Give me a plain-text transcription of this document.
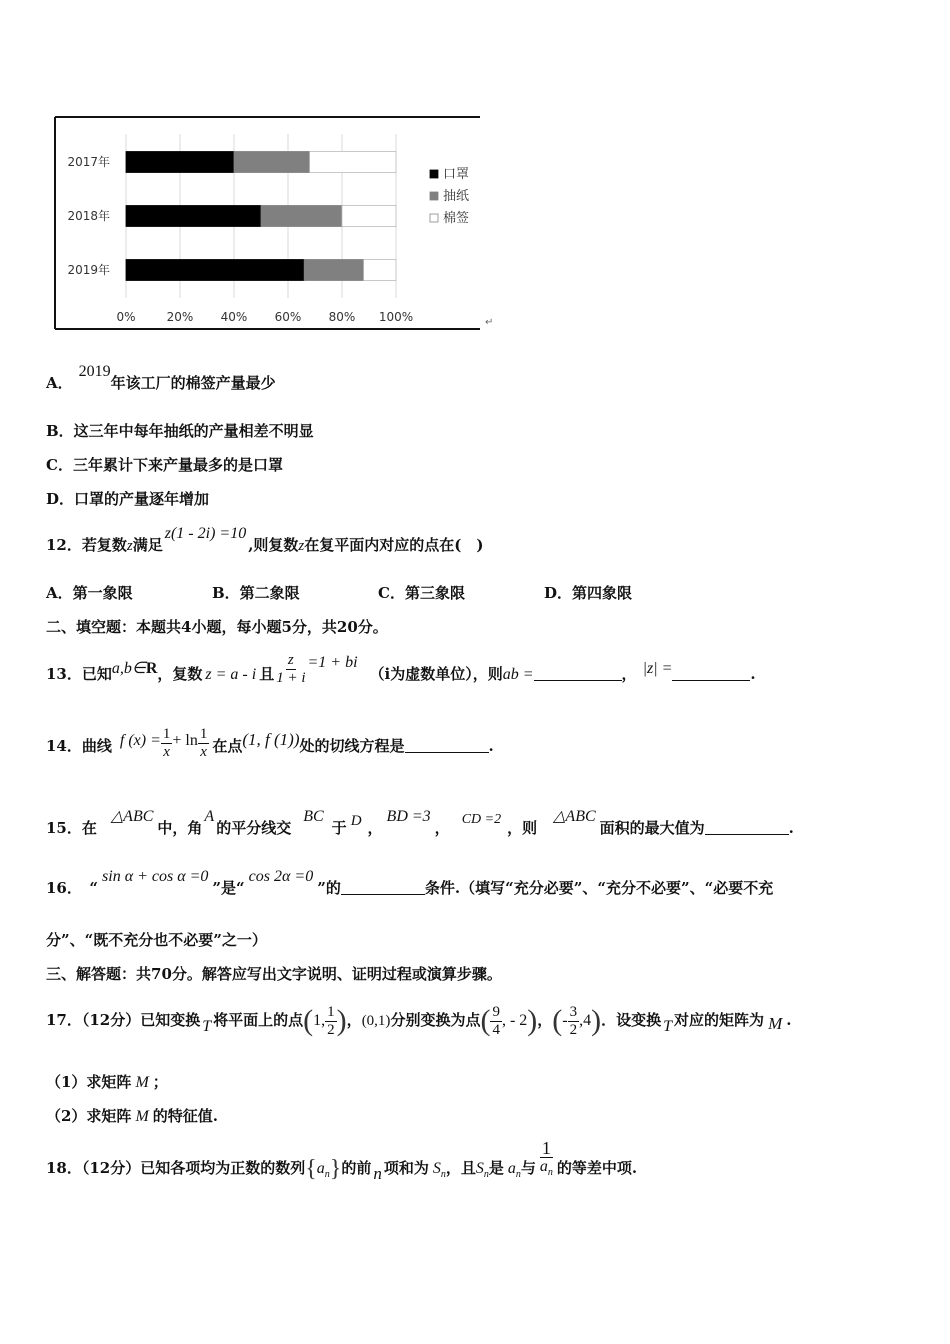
2017年
2018年
2019年
0%	20% 40% 60% 80% 100%
口罩
抽纸
棉签
↵
A．2019年该工厂的棉签产量最少
B．这三年中每年抽纸的产量相差不明显
C．三年累计下来产量最多的是口罩
D．口罩的产量逐年增加
12．若复数z满足z(1 - 2i) =10,则复数z在复平面内对应的点在(　)
A．第一象限	B．第二象限	C．第三象限	D．第四象限
二、填空题：本题共4小题，每小题5分，共20分。
13．已知a,b∈R，复数 z = a - i 且 $\frac{z}{1 + i} =1 + bi(i$为虚数单位），则ab =	， |z| =	.
14．曲线 f $(x) = \frac{1}{x} + \ln \frac{1}{x}$ 在点(1, f (1))处的切线方程是	.
15．在△ABC中，角A的平分线交BC于 D ，BD =3， CD =2 ，则△ABC面积的最大值为	.
16．　“sin α + cos α =0”是“cos 2α =0”的	条件.（填写“充分必要”、“充分不必要”、“必要不充
分”、“既不充分也不必要”之一）
三、解答题：共70分。解答应写出文字说明、证明过程或演算步骤。
17．（12分）已知变换 T 将平面上的点(1, $\frac{1}{2}$ )，(0,1)分别变换为点( $\frac{9}{4}$ , - 2)，(- $\frac{3}{2} ,4$)．设变换 T 对应的矩阵为 M .
（1）求矩阵 M ；
（2）求矩阵 M 的特征值.
18．（12分）已知各项均为正数的数列$\{a_n\}$的前 n 项和为 $S_n$，且$S_n$是 $a_n$与 $\frac{1}{a_n}$ 的等差中项.
